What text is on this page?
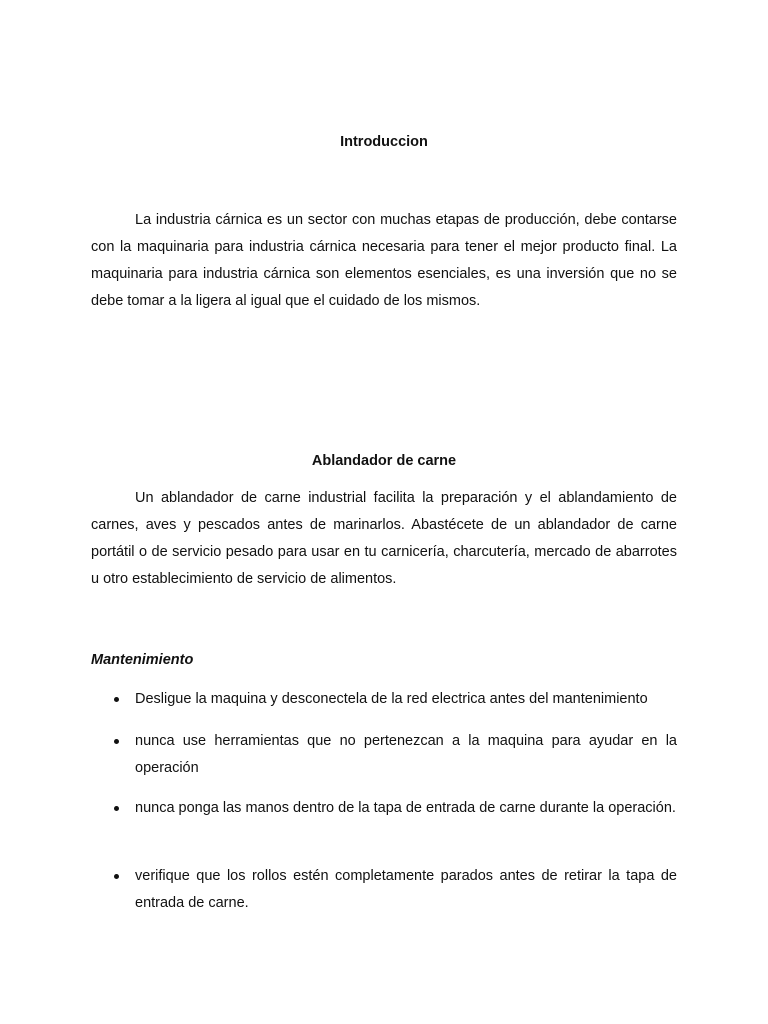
Introduccion

La industria cárnica es un sector con muchas etapas de producción, debe contarse con la maquinaria para industria cárnica necesaria para tener el mejor producto final. La maquinaria para industria cárnica son elementos esenciales, es una inversión que no se debe tomar a la ligera al igual que el cuidado de los mismos.

Ablandador de carne

Un ablandador de carne industrial facilita la preparación y el ablandamiento de carnes, aves y pescados antes de marinarlos. Abastécete de un ablandador de carne portátil o de servicio pesado para usar en tu carnicería, charcutería, mercado de abarrotes u otro establecimiento de servicio de alimentos.

Mantenimiento
Desligue la maquina y desconectela de la red electrica antes del mantenimiento
nunca use herramientas que no pertenezcan a la maquina para ayudar en la operación
nunca ponga las manos dentro de la tapa de entrada de carne durante la operación.
verifique que los rollos estén completamente parados antes de retirar la tapa de entrada de carne.
